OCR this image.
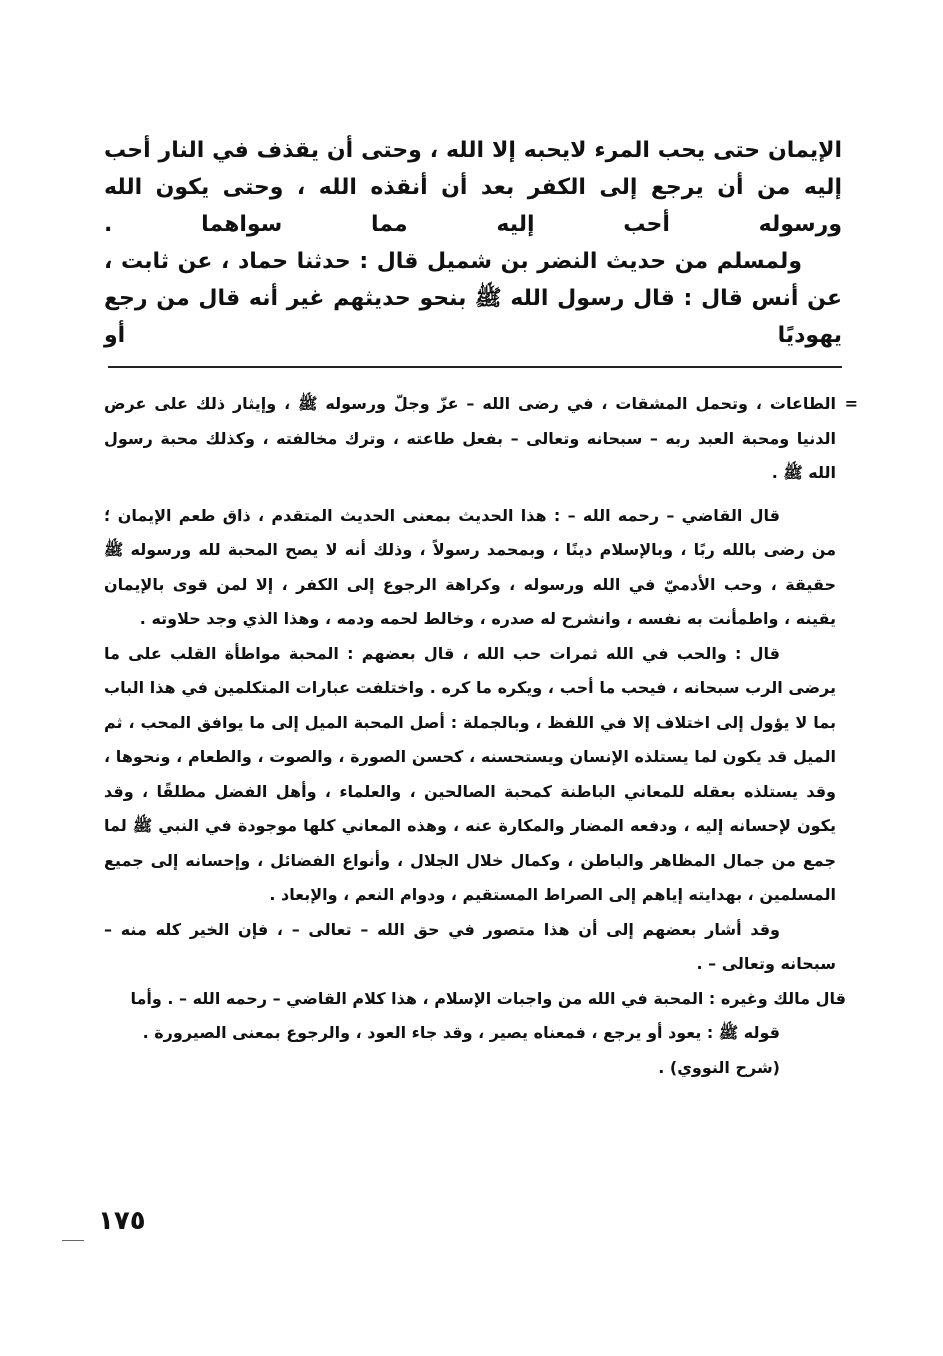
الإيمان حتى يحب المرء لايحبه إلا الله ، وحتى أن يقذف في النار أحب إليه من أن يرجع إلى الكفر بعد أن أنقذه الله ، وحتى يكون الله ورسوله أحب إليه مما سواهما .

ولمسلم من حديث النضر بن شميل قال : حدثنا حماد ، عن ثابت ، عن أنس قال : قال رسول الله ﷺ بنحو حديثهم غير أنه قال من رجع يهوديًا أو

=
الطاعات ، وتحمل المشقات ، في رضى الله – عزّ وجلّ ورسوله ﷺ ، وإيثار ذلك على عرض الدنيا ومحبة العبد ربه – سبحانه وتعالى – بفعل طاعته ، وترك مخالفته ، وكذلك محبة رسول الله ﷺ .

قال القاضي – رحمه الله – : هذا الحديث بمعنى الحديث المتقدم ، ذاق طعم الإيمان ؛ من رضى بالله ربًا ، وبالإسلام دينًا ، وبمحمد رسولاً ، وذلك أنه لا يصح المحبة لله ورسوله ﷺ حقيقة ، وحب الأدميّ في الله ورسوله ، وكراهة الرجوع إلى الكفر ، إلا لمن قوى بالإيمان يقينه ، واطمأنت به نفسه ، وانشرح له صدره ، وخالط لحمه ودمه ، وهذا الذي وجد حلاوته .

قال : والحب في الله ثمرات حب الله ، قال بعضهم : المحبة مواطأة القلب على ما يرضى الرب سبحانه ، فيحب ما أحب ، ويكره ما كره . واختلفت عبارات المتكلمين في هذا الباب بما لا يؤول إلى اختلاف إلا في اللفظ ، وبالجملة : أصل المحبة الميل إلى ما يوافق المحب ، ثم الميل قد يكون لما يستلذه الإنسان ويستحسنه ، كحسن الصورة ، والصوت ، والطعام ، ونحوها ، وقد يستلذه بعقله للمعاني الباطنة كمحبة الصالحين ، والعلماء ، وأهل الفضل مطلقًا ، وقد يكون لإحسانه إليه ، ودفعه المضار والمكارة عنه ، وهذه المعاني كلها موجودة في النبي ﷺ لما جمع من جمال المظاهر والباطن ، وكمال خلال الجلال ، وأنواع الفضائل ، وإحسانه إلى جميع المسلمين ، بهدايته إياهم إلى الصراط المستقيم ، ودوام النعم ، والإبعاد .

وقد أشار بعضهم إلى أن هذا متصور في حق الله – تعالى – ، فإن الخير كله منه – سبحانه وتعالى – .

قال مالك وغيره : المحبة في الله من واجبات الإسلام ، هذا كلام القاضي – رحمه الله – . وأما

قوله ﷺ : يعود أو يرجع ، فمعناه يصير ، وقد جاء العود ، والرجوع بمعنى الصيرورة .

(شرح النووي) .

١٧٥
